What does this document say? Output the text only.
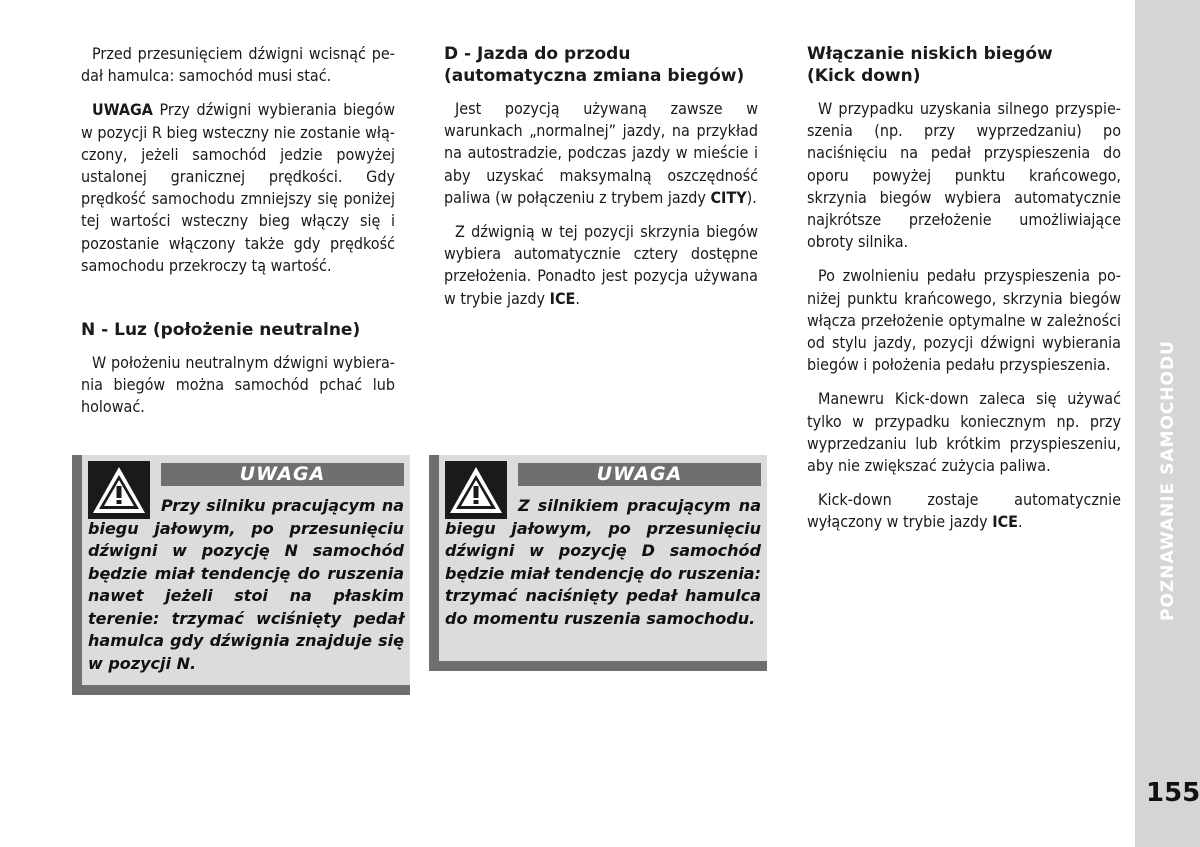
Przed przesunięciem dźwigni wcisnąć pedał hamulca: samochód musi stać.

UWAGA Przy dźwigni wybierania biegów w pozycji R bieg wsteczny nie zostanie włączony, jeżeli samochód jedzie powyżej ustalonej granicznej prędkości. Gdy prędkość samochodu zmniejszy się poniżej tej wartości wsteczny bieg włączy się i pozostanie włączony także gdy prędkość samochodu przekroczy tą wartość.

N - Luz (położenie neutralne)

W położeniu neutralnym dźwigni wybierania biegów można samochód pchać lub holować.

D - Jazda do przodu
(automatyczna zmiana biegów)

Jest pozycją używaną zawsze w warunkach „normalnej” jazdy, na przykład na autostradzie, podczas jazdy w mieście i aby uzyskać maksymalną oszczędność paliwa (w połączeniu z trybem jazdy CITY).

Z dźwignią w tej pozycji skrzynia biegów wybiera automatycznie cztery dostępne przełożenia. Ponadto jest pozycja używana w trybie jazdy ICE.

Włączanie niskich biegów
(Kick down)

W przypadku uzyskania silnego przyspieszenia (np. przy wyprzedzaniu) po naciśnięciu na pedał przyspieszenia do oporu powyżej punktu krańcowego, skrzynia biegów wybiera automatycznie najkrótsze przełożenie umożliwiające obroty silnika.

Po zwolnieniu pedału przyspieszenia poniżej punktu krańcowego, skrzynia biegów włącza przełożenie optymalne w zależności od stylu jazdy, pozycji dźwigni wybierania biegów i położenia pedału przyspieszenia.

Manewru Kick-down zaleca się używać tylko w przypadku koniecznym np. przy wyprzedzaniu lub krótkim przyspieszeniu, aby nie zwiększać zużycia paliwa.

Kick-down zostaje automatycznie wyłączony w trybie jazdy ICE.

UWAGA

Przy silniku pracującym na biegu jałowym, po przesunięciu dźwigni w pozycję N samochód będzie miał tendencję do ruszenia nawet jeżeli stoi na płaskim terenie: trzymać wciśnięty pedał hamulca gdy dźwignia znajduje się w pozycji N.

UWAGA

Z silnikiem pracującym na biegu jałowym, po przesunięciu dźwigni w pozycję D samochód będzie miał tendencję do ruszenia: trzymać naciśnięty pedał hamulca do momentu ruszenia samochodu.	POZNAWANIE SAMOCHODU
155
